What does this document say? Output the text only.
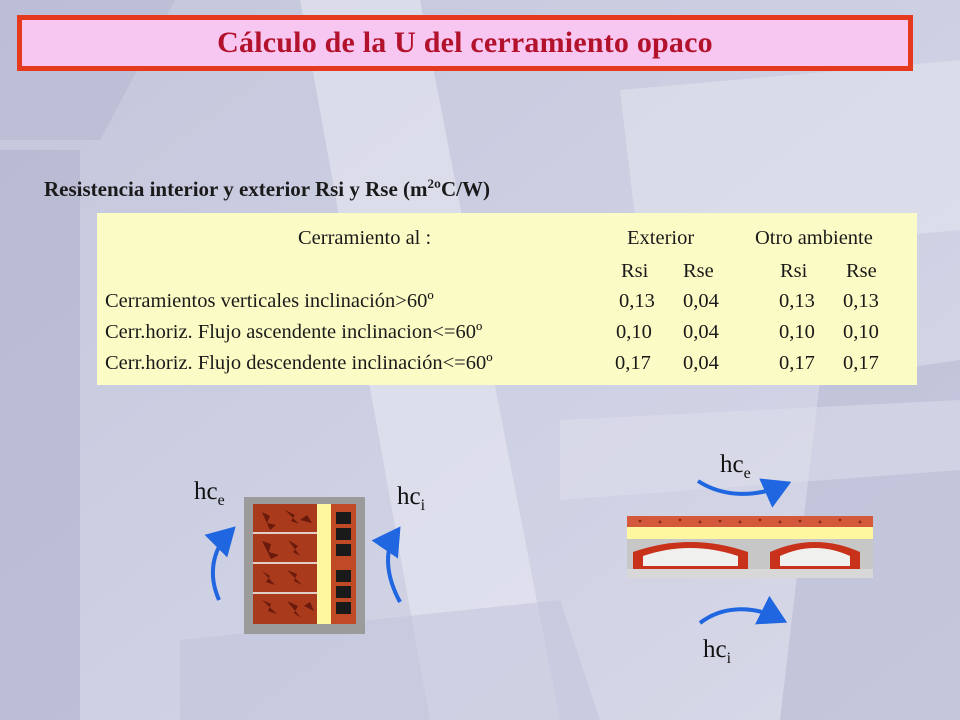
Cálculo de la U del cerramiento opaco
Resistencia interior y exterior Rsi y Rse $(m^2ºC/W)$
Cerramiento al :	Exterior	Otro ambiente
Rsi Rse	Rsi Rse
Cerramientos verticales inclinación>60º	0,13 0,04	0,13 0,13
Cerr.horiz. Flujo ascendente inclinacion<=60º	0,10 0,04	0,10 0,10
Cerr.horiz. Flujo descendente inclinación<=60º	0,17 0,04	0,17 0,17
$hc_e$	$hc_i$
$hc_e$
$hc_i$
